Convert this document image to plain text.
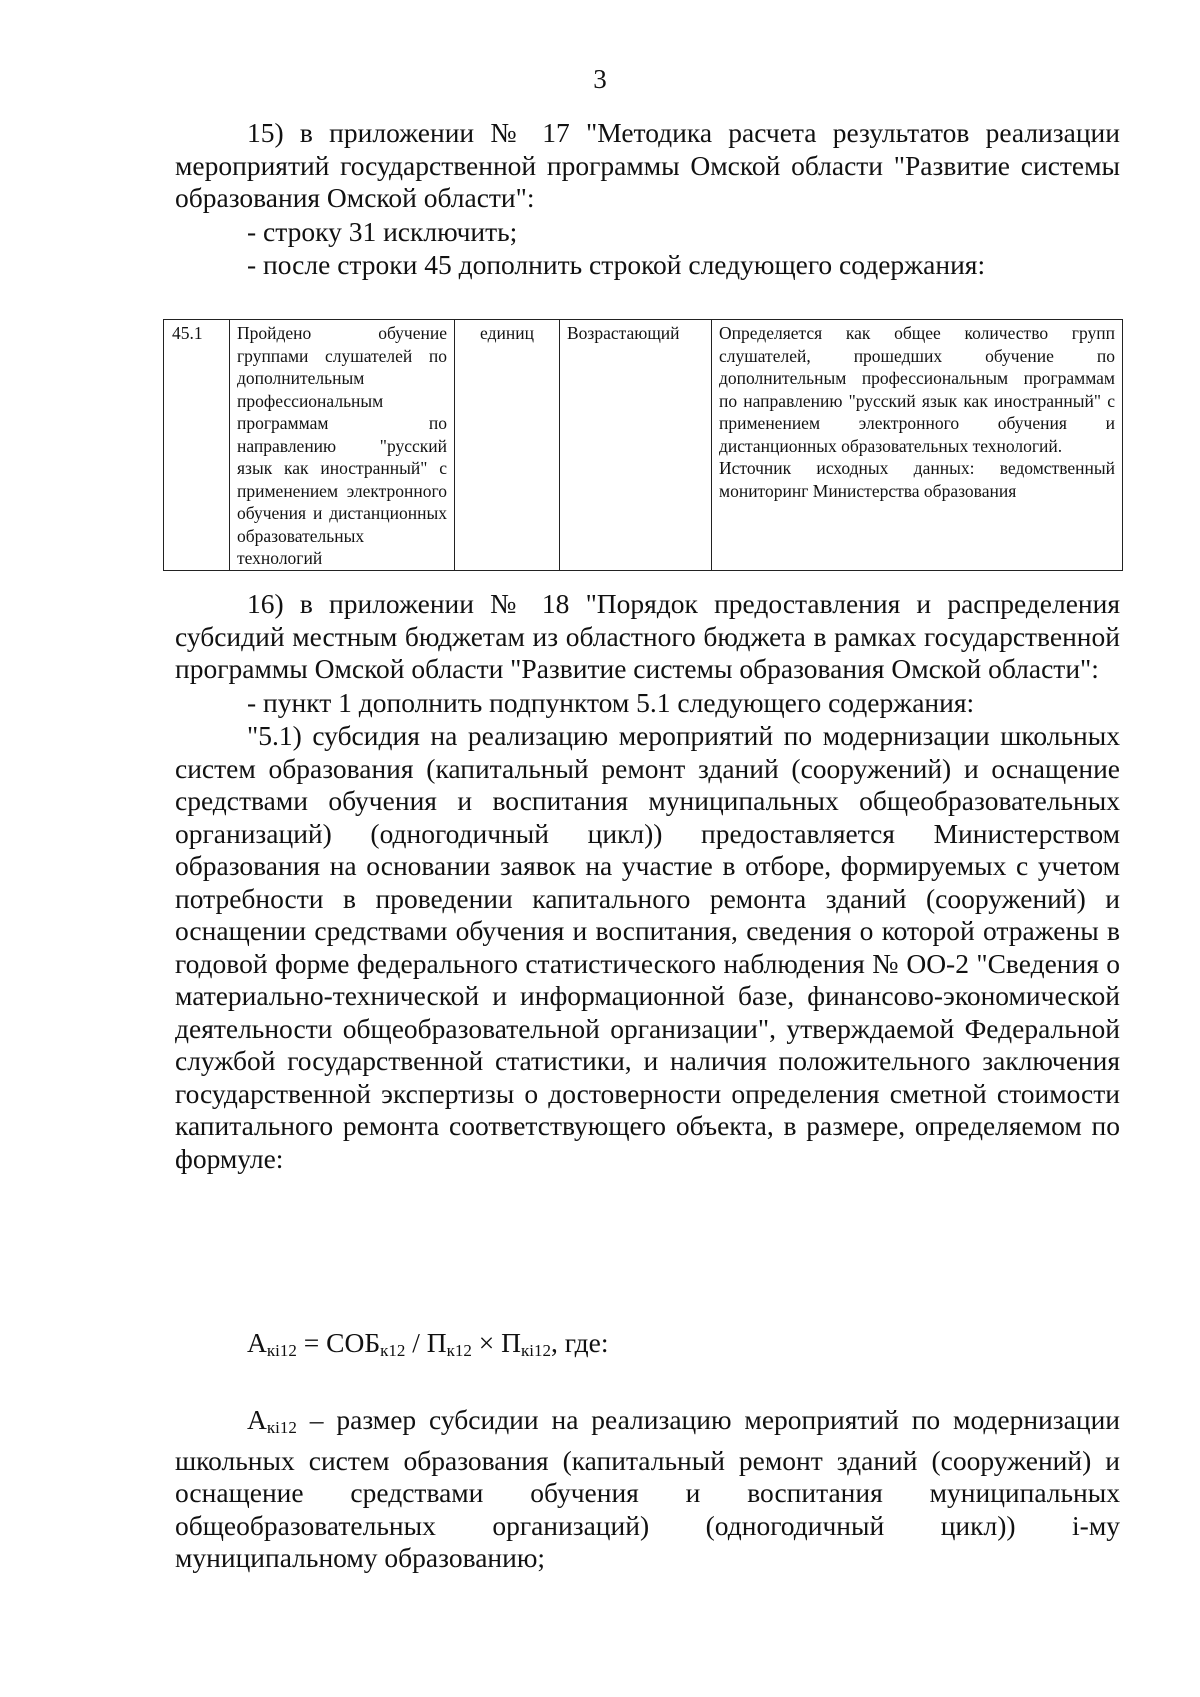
3

15) в приложении № 17 "Методика расчета результатов реализации мероприятий государственной программы Омской области "Развитие системы образования Омской области":

- строку 31 исключить;

- после строки 45 дополнить строкой следующего содержания:

45.1	Пройдено обучение группами слушателей по дополнительным профессиональным программам по направлению "русский язык как иностранный" с применением электронного обучения и дистанционных образовательных технологий	единиц	Возрастающий	Определяется как общее количество групп слушателей, прошедших обучение по дополнительным профессиональным программам по направлению "русский язык как иностранный" с применением электронного обучения и дистанционных образовательных технологий.
Источник исходных данных: ведомственный мониторинг Министерства образования

16) в приложении № 18 "Порядок предоставления и распределения субсидий местным бюджетам из областного бюджета в рамках государственной программы Омской области "Развитие системы образования Омской области":

- пункт 1 дополнить подпунктом 5.1 следующего содержания:

"5.1) субсидия на реализацию мероприятий по модернизации школьных систем образования (капитальный ремонт зданий (сооружений) и оснащение средствами обучения и воспитания муниципальных общеобразовательных организаций) (одногодичный цикл)) предоставляется Министерством образования на основании заявок на участие в отборе, формируемых с учетом потребности в проведении капитального ремонта зданий (сооружений) и оснащении средствами обучения и воспитания, сведения о которой отражены в годовой форме федерального статистического наблюдения № ОО-2 "Сведения о материально-технической и информационной базе, финансово-экономической деятельности общеобразовательной организации", утверждаемой Федеральной службой государственной статистики, и наличия положительного заключения государственной экспертизы о достоверности определения сметной стоимости капитального ремонта соответствующего объекта, в размере, определяемом по формуле:

$А_{кi12} = СОБ_{к12} / П_{к12} \times П_{кi12}$, где:

$А_{кi12}$ – размер субсидии на реализацию мероприятий по модернизации школьных систем образования (капитальный ремонт зданий (сооружений) и оснащение средствами обучения и воспитания муниципальных общеобразовательных организаций) (одногодичный цикл)) i-му муниципальному образованию;
